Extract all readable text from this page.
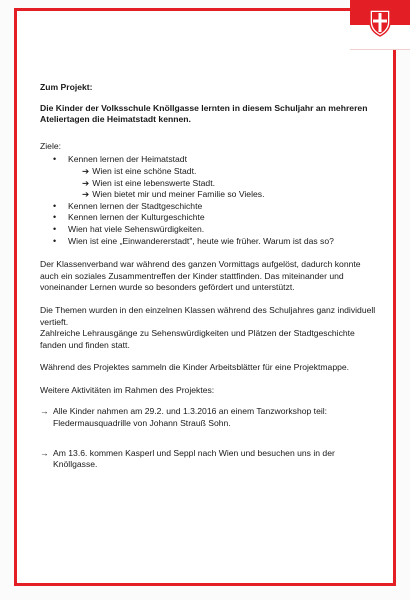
Zum Projekt:
Die Kinder der Volksschule Knöllgasse lernten in diesem Schuljahr an mehreren Ateliertagen die Heimatstadt kennen.
Ziele:
• Kennen lernen der Heimatstadt
➔ Wien ist eine schöne Stadt.
➔ Wien ist eine lebenswerte Stadt.
➔ Wien bietet mir und meiner Familie so Vieles.
• Kennen lernen der Stadtgeschichte
• Kennen lernen der Kulturgeschichte
• Wien hat viele Sehenswürdigkeiten.
• Wien ist eine „Einwandererstadt", heute wie früher. Warum ist das so?

Der Klassenverband war während des ganzen Vormittags aufgelöst, dadurch konnte auch ein soziales Zusammentreffen der Kinder stattfinden. Das miteinander und voneinander Lernen wurde so besonders gefördert und unterstützt.

Die Themen wurden in den einzelnen Klassen während des Schuljahres ganz individuell vertieft.

Zahlreiche Lehrausgänge zu Sehenswürdigkeiten und Plätzen der Stadtgeschichte fanden und finden statt.

Während des Projektes sammeln die Kinder Arbeitsblätter für eine Projektmappe.

Weitere Aktivitäten im Rahmen des Projektes:

→ Alle Kinder nahmen am 29.2. und 1.3.2016 an einem Tanzworkshop teil: Fledermausquadrille von Johann Strauß Sohn.
→ Am 13.6. kommen Kasperl und Seppl nach Wien und besuchen uns in der Knöllgasse.
